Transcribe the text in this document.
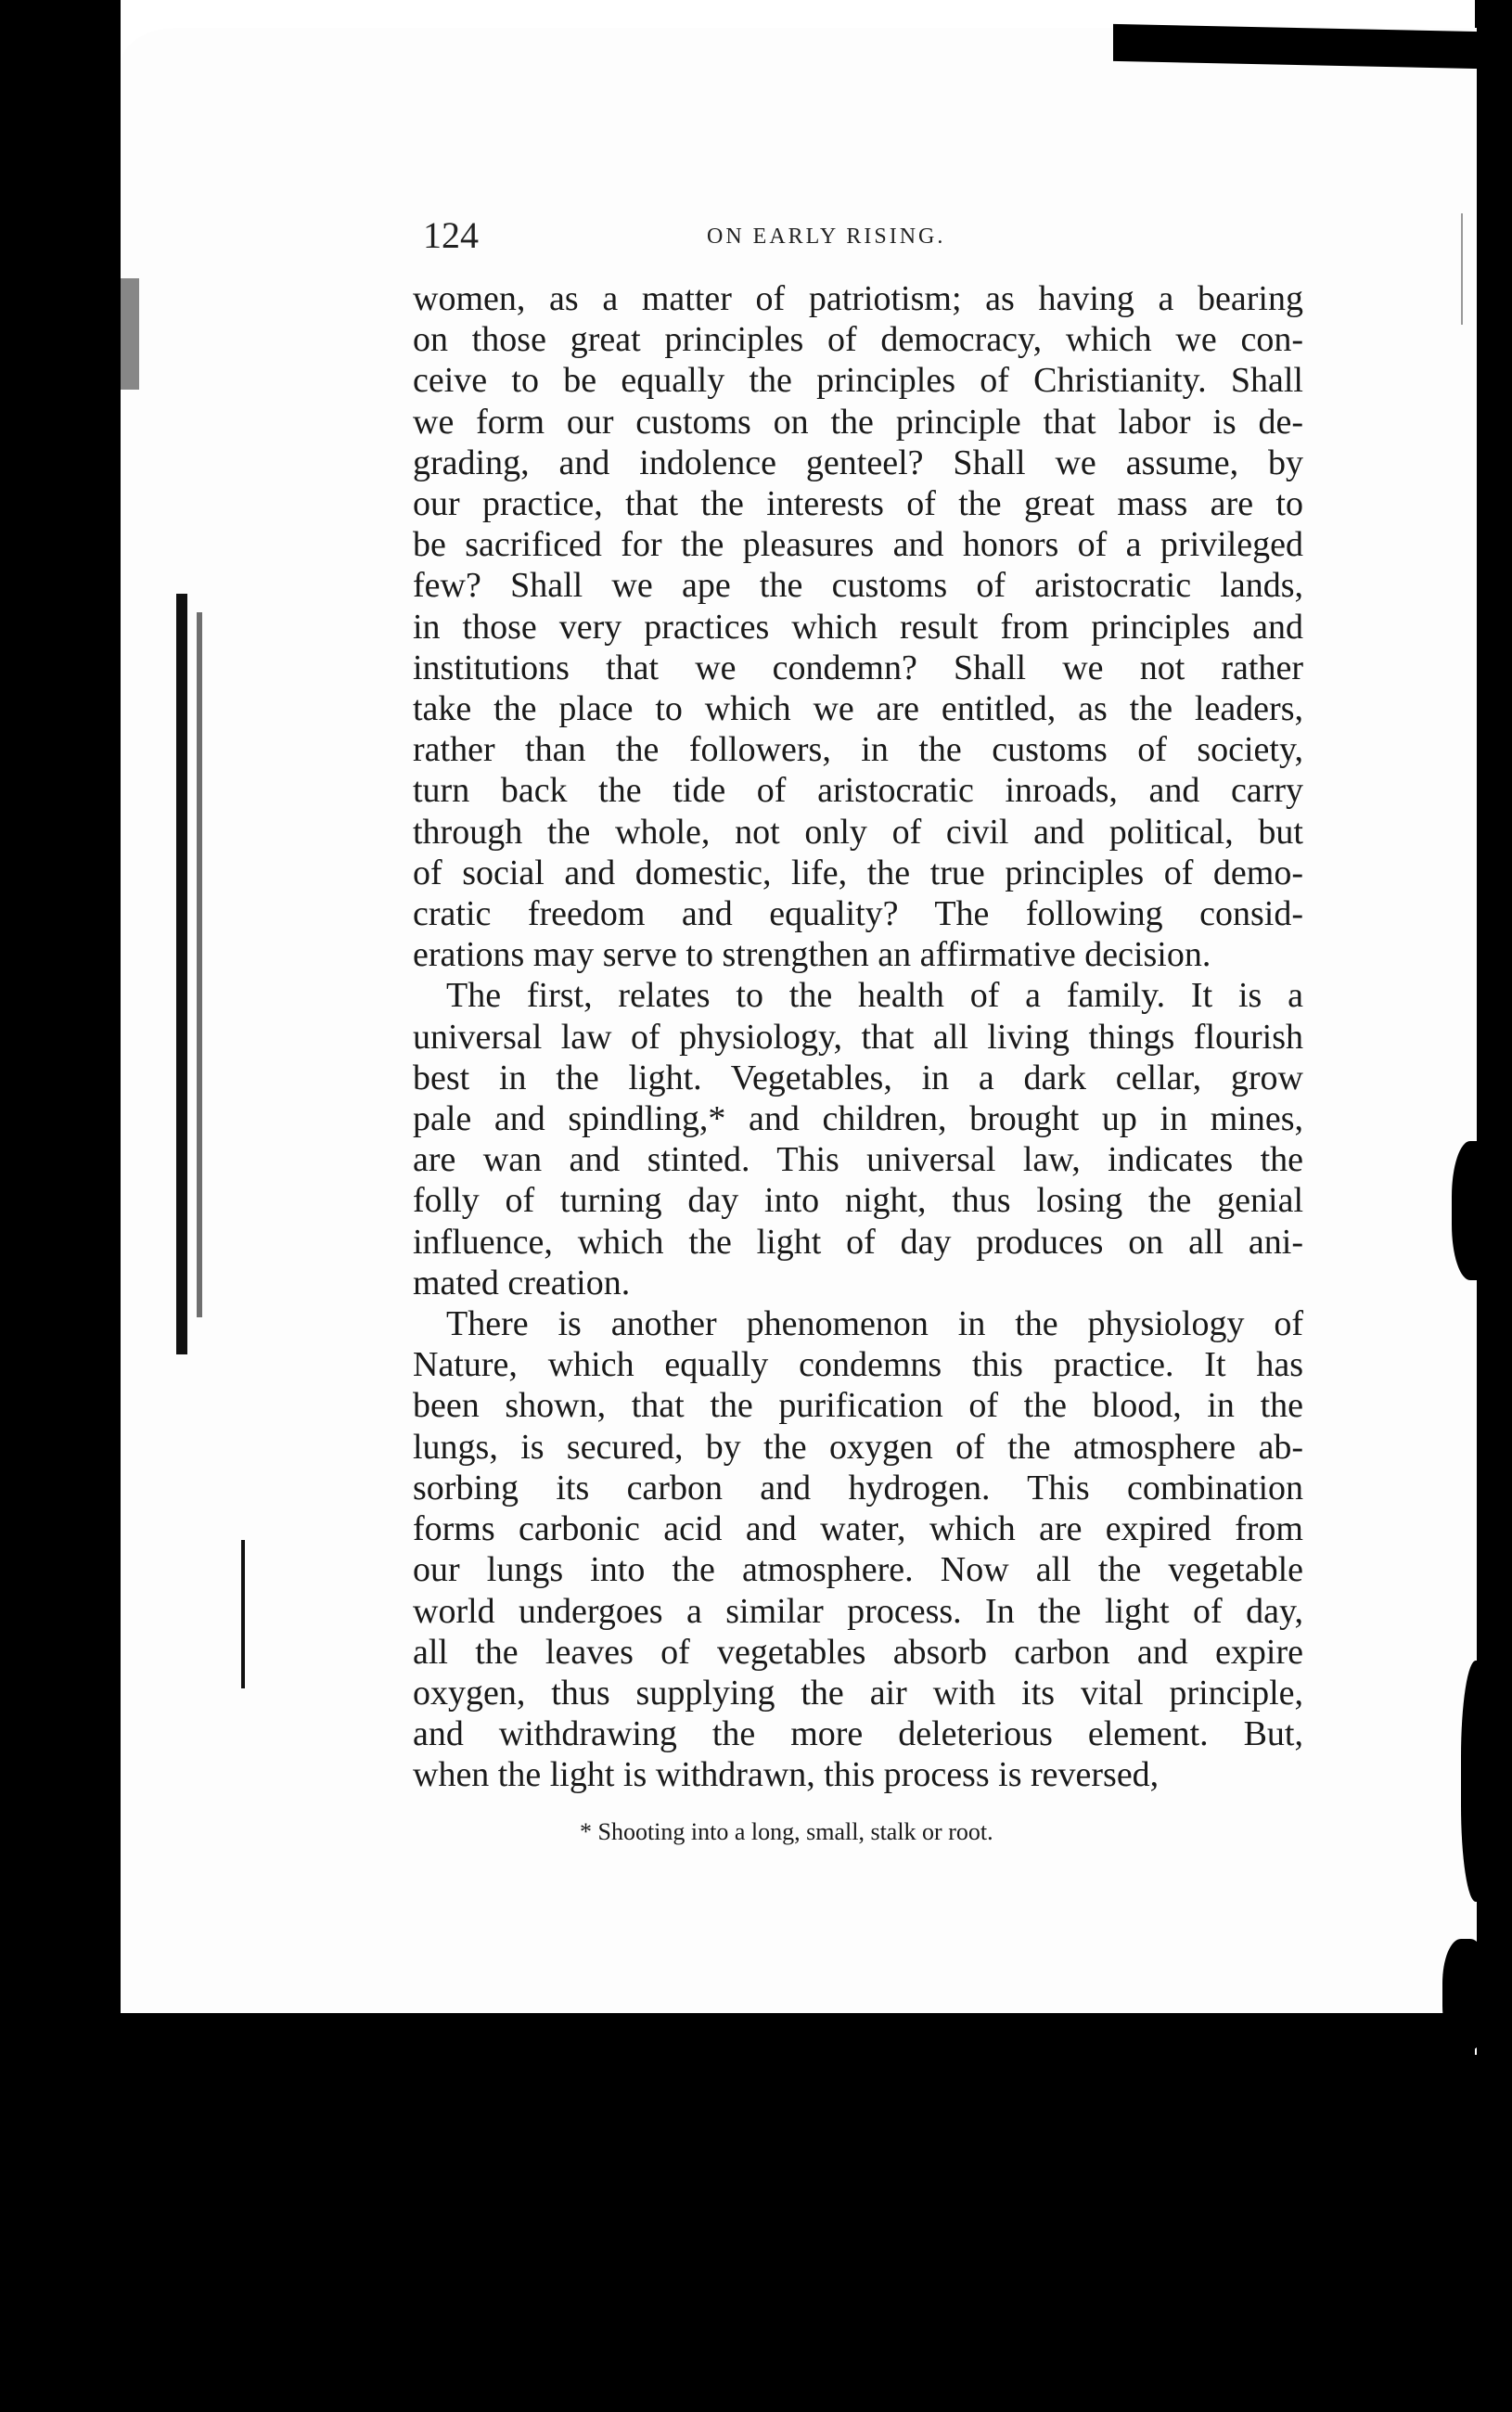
124	ON EARLY RISING.
women, as a matter of patriotism; as having a bearing
on those great principles of democracy, which we con-
ceive to be equally the principles of Christianity. Shall
we form our customs on the principle that labor is de-
grading, and indolence genteel? Shall we assume, by
our practice, that the interests of the great mass are to
be sacrificed for the pleasures and honors of a privileged
few? Shall we ape the customs of aristocratic lands,
in those very practices which result from principles and
institutions that we condemn? Shall we not rather
take the place to which we are entitled, as the leaders,
rather than the followers, in the customs of society,
turn back the tide of aristocratic inroads, and carry
through the whole, not only of civil and political, but
of social and domestic, life, the true principles of demo-
cratic freedom and equality? The following consid-
erations may serve to strengthen an affirmative decision.
The first, relates to the health of a family. It is a
universal law of physiology, that all living things flourish
best in the light. Vegetables, in a dark cellar, grow
pale and spindling,* and children, brought up in mines,
are wan and stinted. This universal law, indicates the
folly of turning day into night, thus losing the genial
influence, which the light of day produces on all ani-
mated creation.
There is another phenomenon in the physiology of
Nature, which equally condemns this practice. It has
been shown, that the purification of the blood, in the
lungs, is secured, by the oxygen of the atmosphere ab-
sorbing its carbon and hydrogen. This combination
forms carbonic acid and water, which are expired from
our lungs into the atmosphere. Now all the vegetable
world undergoes a similar process. In the light of day,
all the leaves of vegetables absorb carbon and expire
oxygen, thus supplying the air with its vital principle,
and withdrawing the more deleterious element. But,
when the light is withdrawn, this process is reversed,
* Shooting into a long, small, stalk or root.
